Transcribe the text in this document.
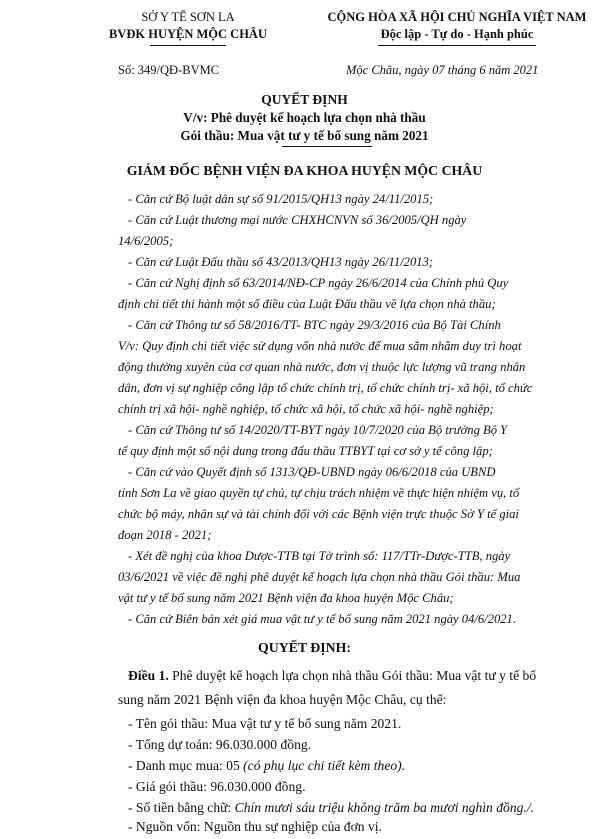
SỞ Y TẾ SƠN LA
BVĐK HUYỆN MỘC CHÂU
CỘNG HÒA XÃ HỘI CHỦ NGHĨA VIỆT NAM
Độc lập - Tự do - Hạnh phúc
Số: 349/QĐ-BVMC	Mộc Châu, ngày 07 tháng 6 năm 2021
QUYẾT ĐỊNH
V/v: Phê duyệt kế hoạch lựa chọn nhà thầu
Gói thầu: Mua vật tư y tế bổ sung năm 2021
GIÁM ĐỐC BỆNH VIỆN ĐA KHOA HUYỆN MỘC CHÂU
- Căn cứ Bộ luật dân sự số 91/2015/QH13 ngày 24/11/2015;
- Căn cứ Luật thương mại nước CHXHCNVN số 36/2005/QH ngày
14/6/2005;
- Căn cứ Luật Đấu thầu số 43/2013/QH13 ngày 26/11/2013;
- Căn cứ Nghị định số 63/2014/NĐ-CP ngày 26/6/2014 của Chính phủ Quy
định chi tiết thi hành một số điều của Luật Đấu thầu về lựa chọn nhà thầu;
- Căn cứ Thông tư số 58/2016/TT- BTC ngày 29/3/2016 của Bộ Tài Chính
V/v: Quy định chi tiết việc sử dụng vốn nhà nước để mua sắm nhằm duy trì hoạt
động thường xuyên của cơ quan nhà nước, đơn vị thuộc lực lượng vũ trang nhân
dân, đơn vị sự nghiệp công lập tổ chức chính trị, tổ chức chính trị- xã hội, tổ chức
chính trị xã hội- nghề nghiệp, tổ chức xã hội, tổ chức xã hội- nghề nghiệp;
- Căn cứ Thông tư số 14/2020/TT-BYT ngày 10/7/2020 của Bộ trưởng Bộ Y
tế quy định một số nội dung trong đấu thầu TTBYT tại cơ sở y tế công lập;
- Căn cứ vào Quyết định số 1313/QĐ-UBND ngày 06/6/2018 của UBND
tỉnh Sơn La về giao quyền tự chủ, tự chịu trách nhiệm về thực hiện nhiệm vụ, tổ
chức bộ máy, nhân sự và tài chính đối với các Bệnh viện trực thuộc Sở Y tế giai
đoạn 2018 - 2021;
- Xét đề nghị của khoa Dược-TTB tại Tờ trình số: 117/TTr-Dược-TTB, ngày
03/6/2021 về việc đề nghị phê duyệt kế hoạch lựa chọn nhà thầu Gói thầu: Mua
vật tư y tế bổ sung năm 2021 Bệnh viện đa khoa huyện Mộc Châu;
- Căn cứ Biên bản xét giá mua vật tư y tế bổ sung năm 2021 ngày 04/6/2021.
QUYẾT ĐỊNH:
Điều 1. Phê duyệt kế hoạch lựa chọn nhà thầu Gói thầu: Mua vật tư y tế bổ
sung năm 2021 Bệnh viện đa khoa huyện Mộc Châu, cụ thể:
- Tên gói thầu: Mua vật tư y tế bổ sung năm 2021.
- Tổng dự toán: 96.030.000 đồng.
- Danh mục mua: 05 (có phụ lục chi tiết kèm theo).
- Giá gói thầu: 96.030.000 đồng.
- Số tiền bằng chữ: Chín mươi sáu triệu không trăm ba mươi nghìn đồng./.
- Nguồn vốn: Nguồn thu sự nghiệp của đơn vị.
